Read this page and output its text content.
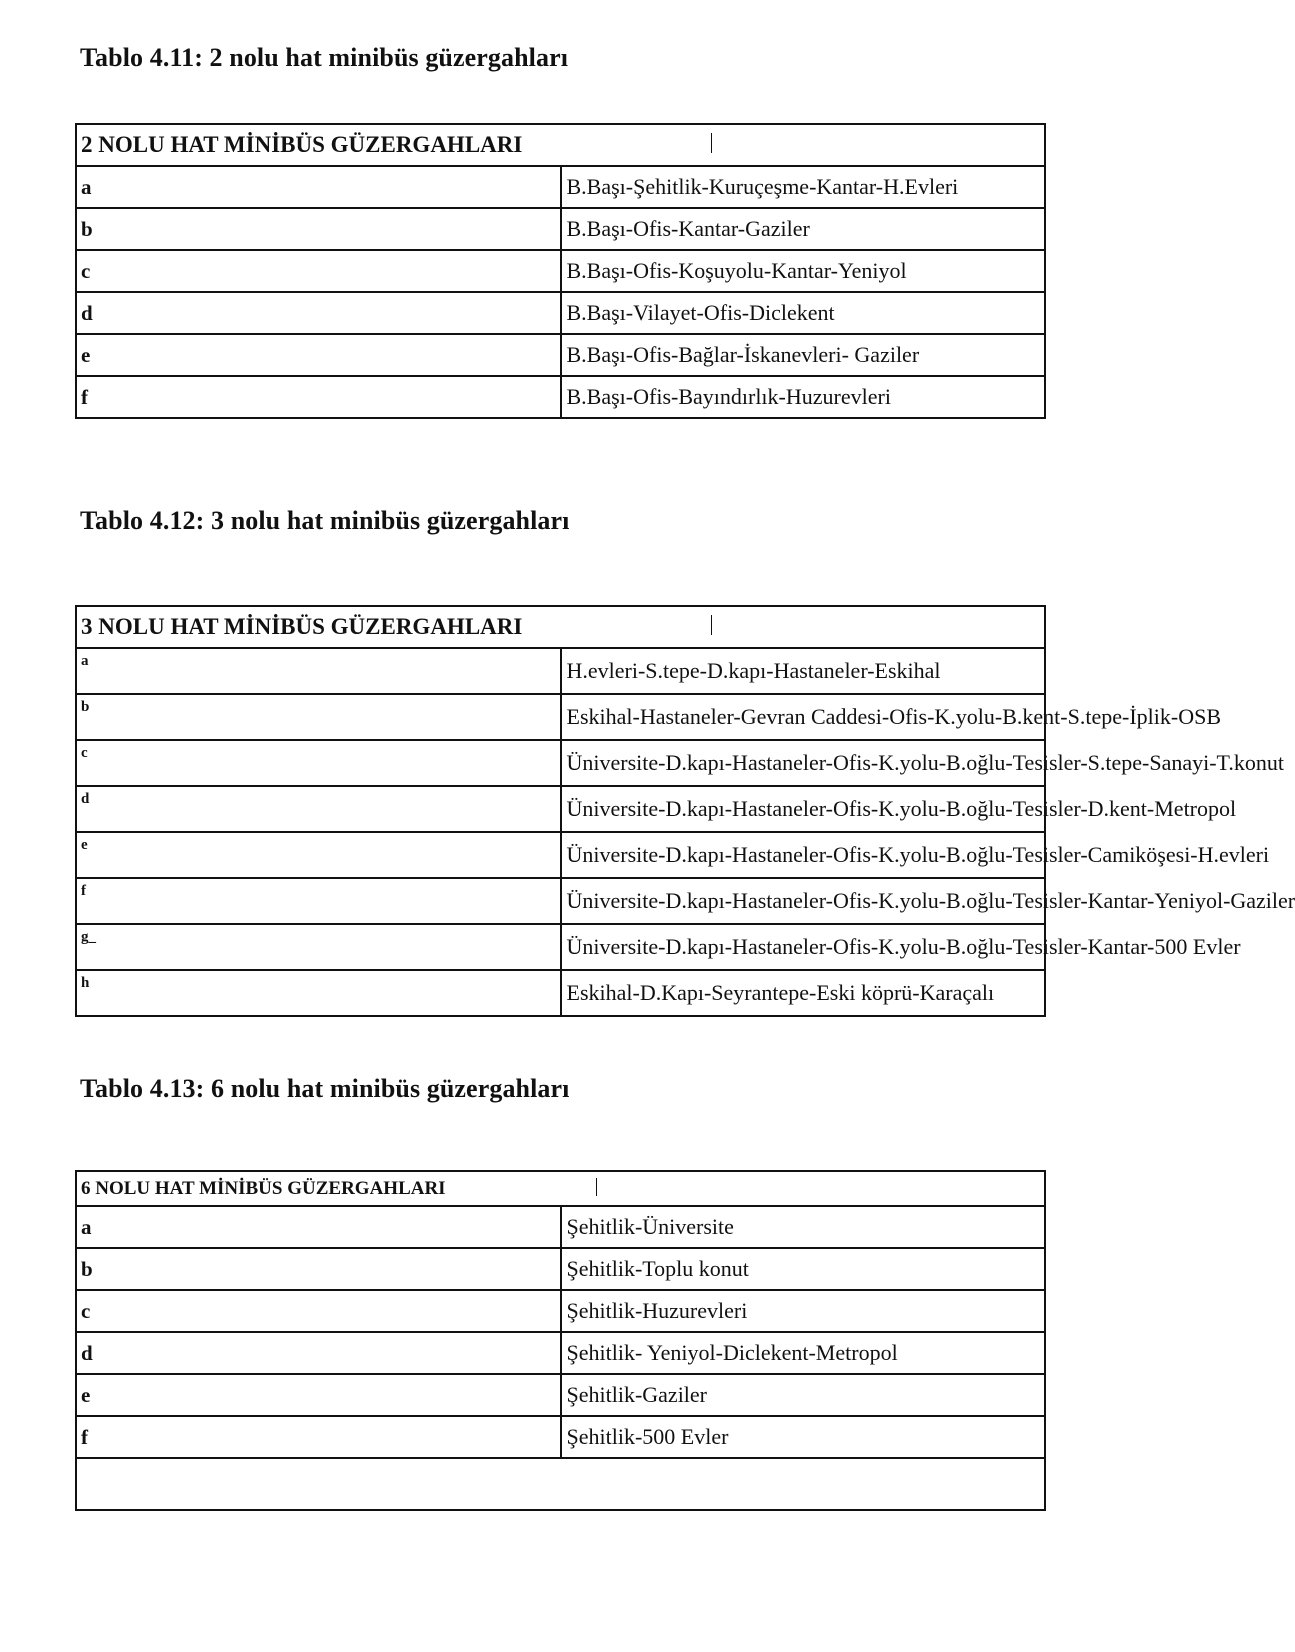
Tablo 4.11: 2 nolu hat minibüs güzergahları
2 NOLU HAT MİNİBÜS GÜZERGAHLARI	

a	B.Başı-Şehitlik-Kuruçeşme-Kantar-H.Evleri
b	B.Başı-Ofis-Kantar-Gaziler
c	B.Başı-Ofis-Koşuyolu-Kantar-Yeniyol
d	B.Başı-Vilayet-Ofis-Diclekent
e	B.Başı-Ofis-Bağlar-İskanevleri- Gaziler
f	B.Başı-Ofis-Bayındırlık-Huzurevleri
Tablo 4.12: 3 nolu hat minibüs güzergahları
3 NOLU HAT MİNİBÜS GÜZERGAHLARI	

a	H.evleri-S.tepe-D.kapı-Hastaneler-Eskihal
b	Eskihal-Hastaneler-Gevran Caddesi-Ofis-K.yolu-B.kent-S.tepe-İplik-OSB
c	Üniversite-D.kapı-Hastaneler-Ofis-K.yolu-B.oğlu-Tesisler-S.tepe-Sanayi-T.konut
d	Üniversite-D.kapı-Hastaneler-Ofis-K.yolu-B.oğlu-Tesisler-D.kent-Metropol
e	Üniversite-D.kapı-Hastaneler-Ofis-K.yolu-B.oğlu-Tesisler-Camiköşesi-H.evleri
f	Üniversite-D.kapı-Hastaneler-Ofis-K.yolu-B.oğlu-Tesisler-Kantar-Yeniyol-Gaziler
g_	Üniversite-D.kapı-Hastaneler-Ofis-K.yolu-B.oğlu-Tesisler-Kantar-500 Evler
h	Eskihal-D.Kapı-Seyrantepe-Eski köprü-Karaçalı
Tablo 4.13: 6 nolu hat minibüs güzergahları
6 NOLU HAT MİNİBÜS GÜZERGAHLARI	

a	Şehitlik-Üniversite
b	Şehitlik-Toplu konut
c	Şehitlik-Huzurevleri
d	Şehitlik- Yeniyol-Diclekent-Metropol
e	Şehitlik-Gaziler
f	Şehitlik-500 Evler
